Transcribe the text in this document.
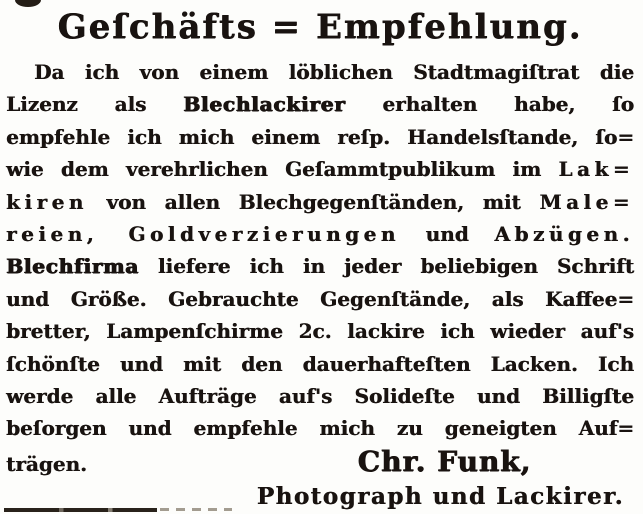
Geſchäfts = Empfehlung.
Da ich von einem löblichen Stadtmagiſtrat die
Lizenz als Blechlackirer erhalten habe, ſo
empfehle ich mich einem reſp. Handelsſtande, ſo=
wie dem verehrlichen Geſammtpublikum im Lak=
kiren von allen Blechgegenſtänden, mit Male=
reien, Goldverzierungen und Abzügen.
Blechfirma liefere ich in jeder beliebigen Schrift
und Größe. Gebrauchte Gegenſtände, als Kaffee=
bretter, Lampenſchirme 2c. lackire ich wieder auf's
ſchönſte und mit den dauerhafteſten Lacken. Ich
werde alle Aufträge auf's Solideſte und Billigſte
beſorgen und empfehle mich zu geneigten Auf=
trägen.	Chr. Funk,
Photograph und Lackirer.
